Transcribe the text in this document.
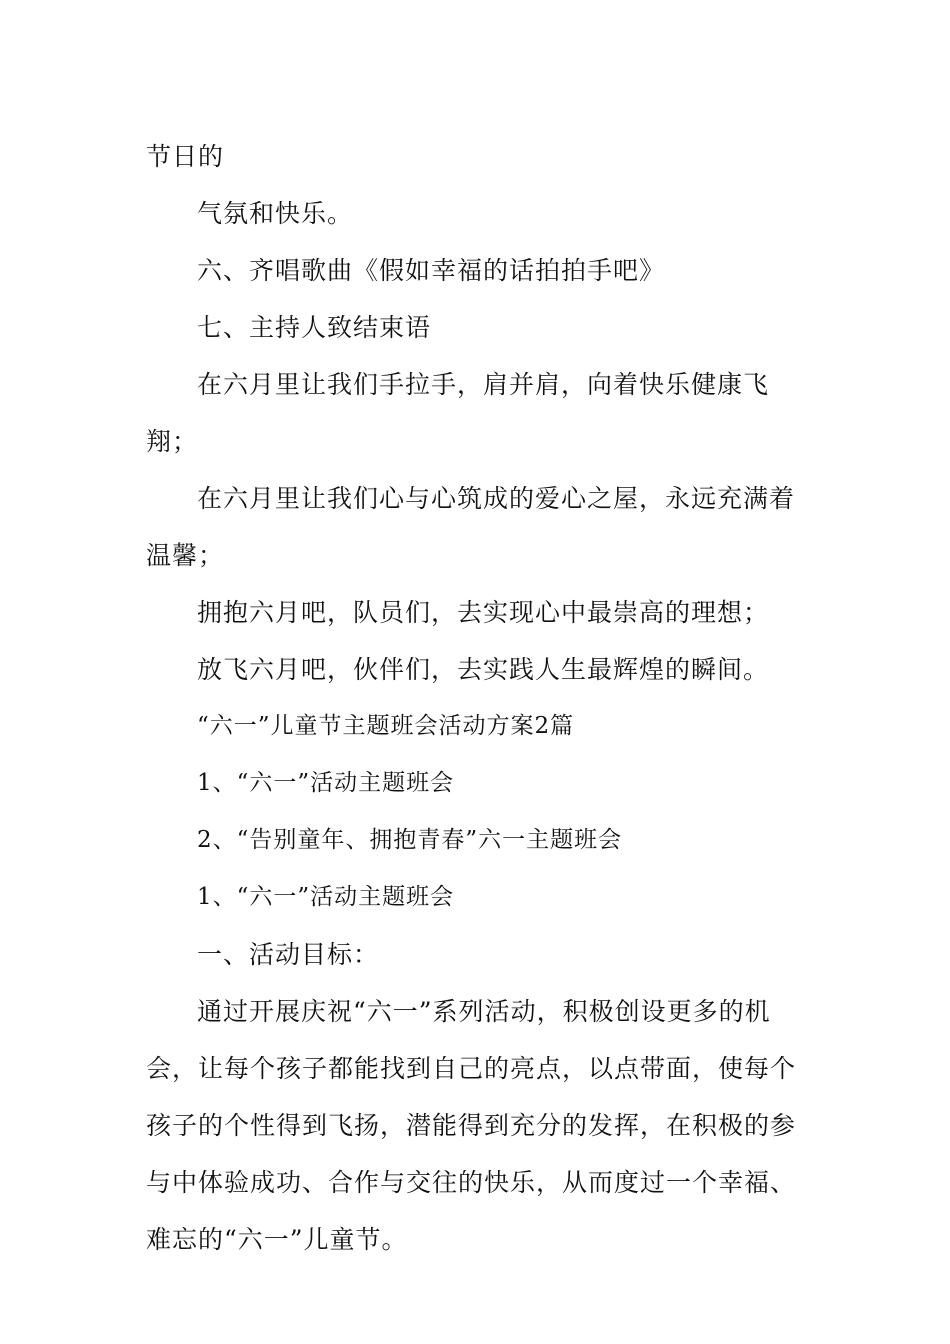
节日的

气氛和快乐。

六、齐唱歌曲《假如幸福的话拍拍手吧》

七、主持人致结束语

在六月里让我们手拉手，肩并肩，向着快乐健康飞翔；

在六月里让我们心与心筑成的爱心之屋，永远充满着温馨；

拥抱六月吧，队员们，去实现心中最崇高的理想；

放飞六月吧，伙伴们，去实践人生最辉煌的瞬间。

“六一”儿童节主题班会活动方案2篇

1、“六一”活动主题班会

2、“告别童年、拥抱青春”六一主题班会

1、“六一”活动主题班会

一、活动目标：

通过开展庆祝“六一”系列活动，积极创设更多的机会，让每个孩子都能找到自己的亮点，以点带面，使每个孩子的个性得到飞扬，潜能得到充分的发挥，在积极的参与中体验成功、合作与交往的快乐，从而度过一个幸福、难忘的“六一”儿童节。
